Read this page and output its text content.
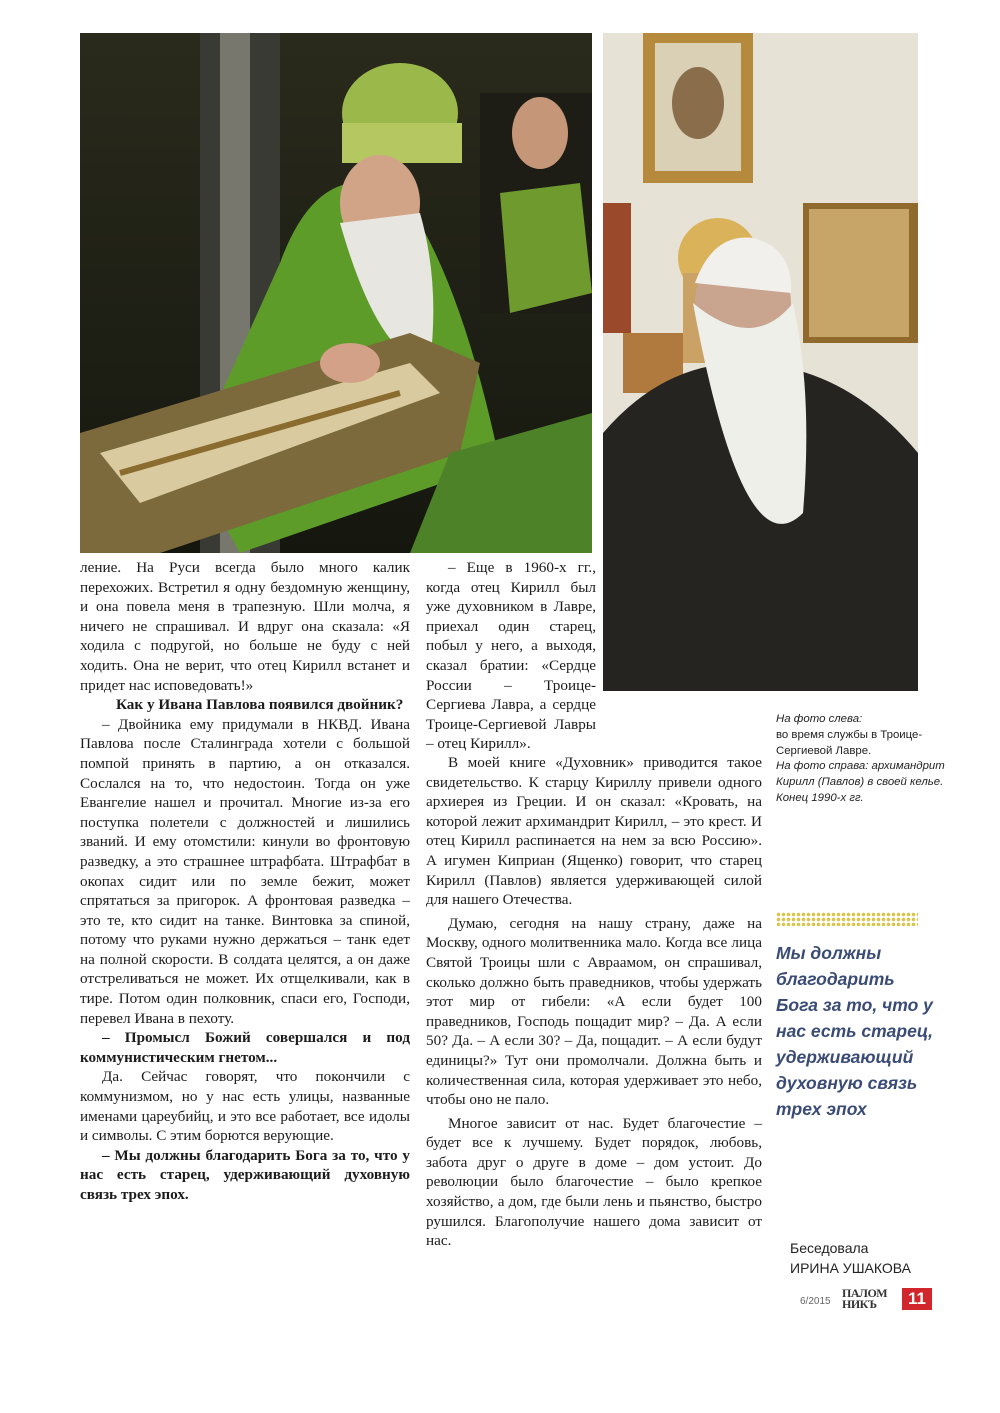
ление. На Руси всегда было много калик перехожих. Встретил я одну бездомную женщину, и она повела меня в трапезную. Шли молча, я ничего не спрашивал. И вдруг она сказала: «Я ходила с подругой, но больше не буду с ней ходить. Она не верит, что отец Кирилл встанет и придет нас исповедовать!»

Как у Ивана Павлова появился двойник?

– Двойника ему придумали в НКВД. Ивана Павлова после Сталинграда хотели с большой помпой принять в партию, а он отказался. Сослался на то, что недостоин. Тогда он уже Евангелие нашел и прочитал. Многие из-за его поступка полетели с должностей и лишились званий. И ему отомстили: кинули во фронтовую разведку, а это страшнее штрафбата. Штрафбат в окопах сидит или по земле бежит, может спрятаться за пригорок. А фронтовая разведка – это те, кто сидит на танке. Винтовка за спиной, потому что руками нужно держаться – танк едет на полной скорости. В солдата целятся, а он даже отстреливаться не может. Их отщелкивали, как в тире. Потом один полковник, спаси его, Господи, перевел Ивана в пехоту.

– Промысл Божий совершался и под коммунистическим гнетом...

Да. Сейчас говорят, что покончили с коммунизмом, но у нас есть улицы, названные именами цареубийц, и это все работает, все идолы и символы. С этим борются верующие.

– Мы должны благодарить Бога за то, что у нас есть старец, удерживающий духовную связь трех эпох.

– Еще в 1960-х гг., когда отец Кирилл был уже духовником в Лавре, приехал один старец, побыл у него, а выходя, сказал братии: «Сердце России – Троице-Сергиева Лавра, а сердце Троице-Сергиевой Лавры – отец Кирилл».

В моей книге «Духовник» приводится такое свидетельство. К старцу Кириллу привели одного архиерея из Греции. И он сказал: «Кровать, на которой лежит архимандрит Кирилл, – это крест. И отец Кирилл распинается на нем за всю Россию». А игумен Киприан (Ященко) говорит, что старец Кирилл (Павлов) является удерживающей силой для нашего Отечества.

Думаю, сегодня на нашу страну, даже на Москву, одного молитвенника мало. Когда все лица Святой Троицы шли с Авраамом, он спрашивал, сколько должно быть праведников, чтобы удержать этот мир от гибели: «А если будет 100 праведников, Господь пощадит мир? – Да. А если 50? Да. – А если 30? – Да, пощадит. – А если будут единицы?» Тут они промолчали. Должна быть и количественная сила, которая удерживает это небо, чтобы оно не пало.

Многое зависит от нас. Будет благочестие – будет все к лучшему. Будет порядок, любовь, забота друг о друге в доме – дом устоит. До революции было благочестие – было крепкое хозяйство, а дом, где были лень и пьянство, быстро рушился. Благополучие нашего дома зависит от нас.

На фото слева:
во время службы в Троице-Сергиевой Лавре.
На фото справа: архимандрит Кирилл (Павлов) в своей келье.
Конец 1990-х гг.
Мы должны благодарить Бога за то, что у нас есть старец, удерживающий духовную связь трех эпох
Беседовала
ИРИНА УШАКОВА
6/2015
ПАЛОМ
НИКЪ	11
